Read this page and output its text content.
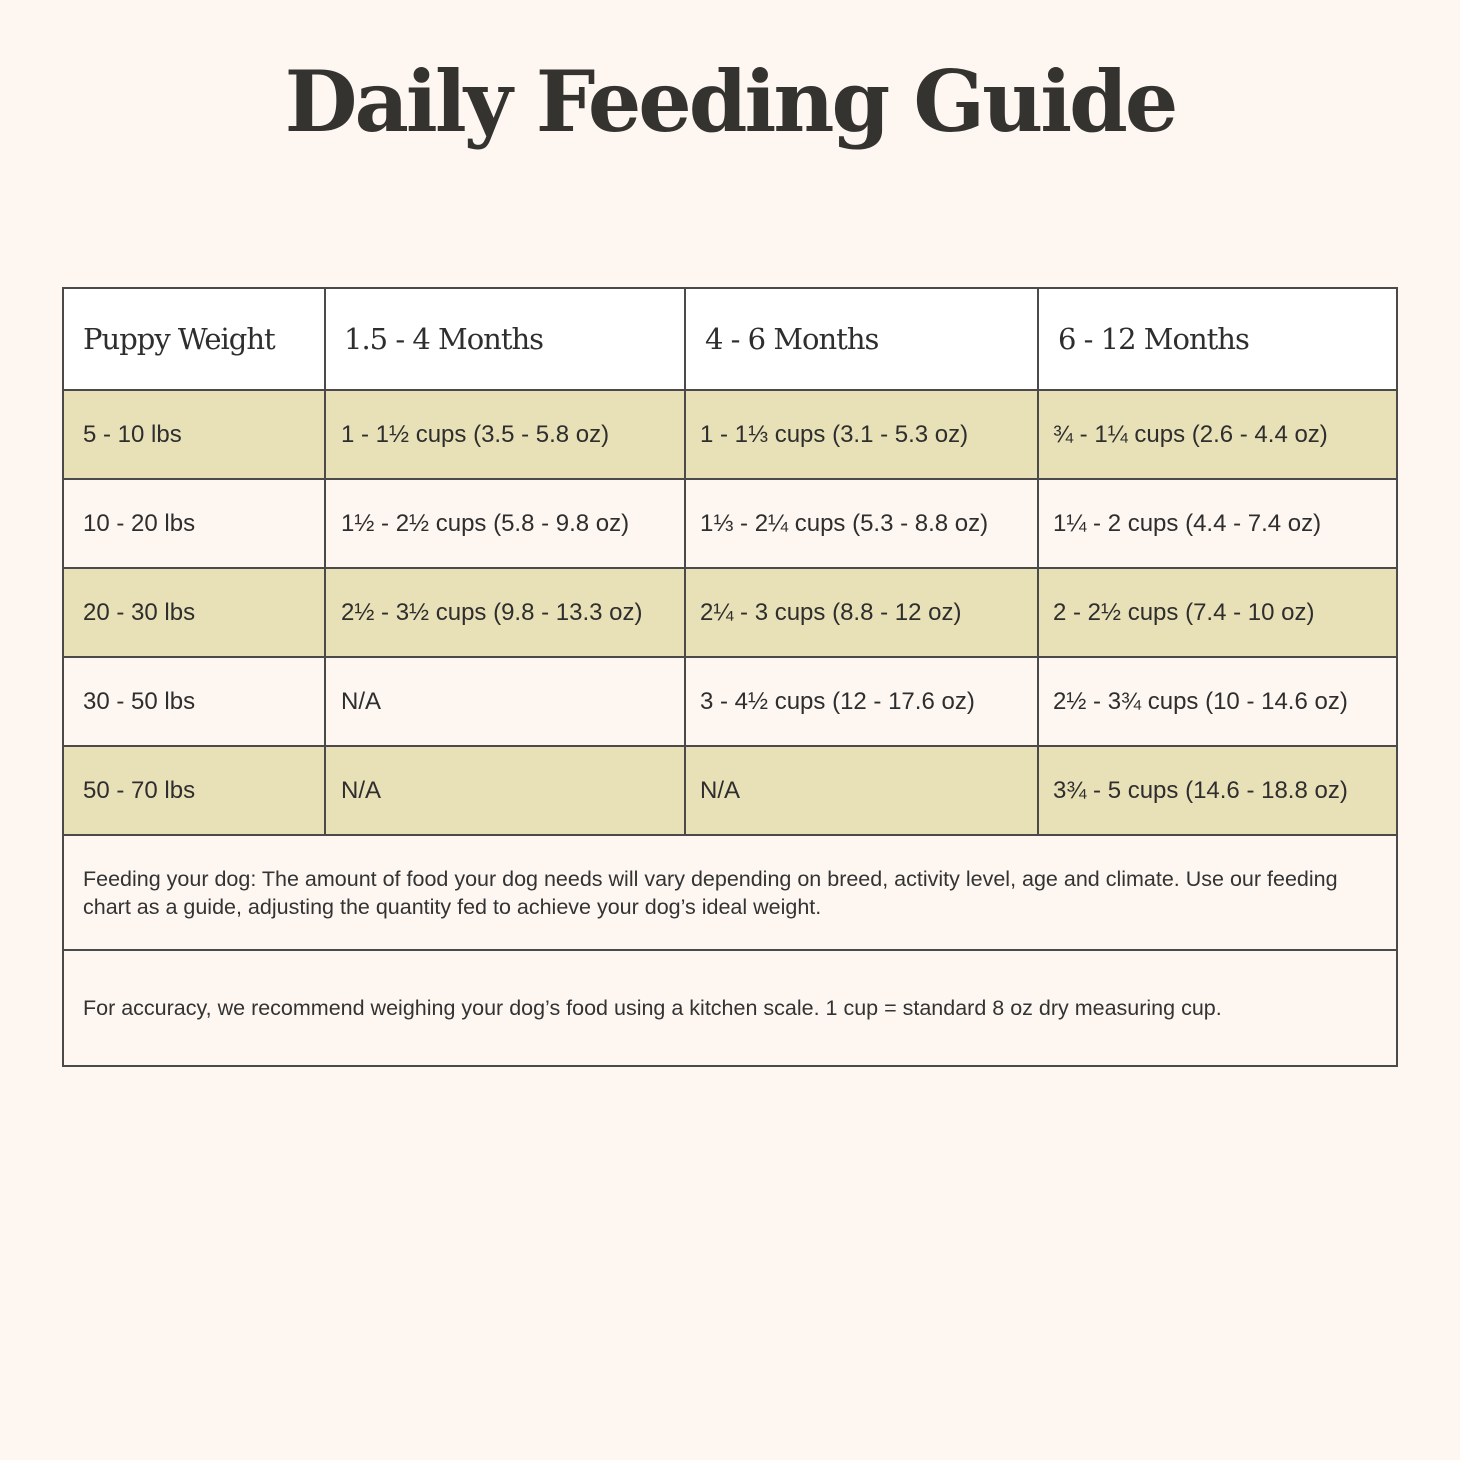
Daily Feeding Guide
Puppy Weight	1.5 - 4 Months	4 - 6 Months	6 - 12 Months
5 - 10 lbs	1 - 1½ cups (3.5 - 5.8 oz)	1 - 1⅓ cups (3.1 - 5.3 oz)	¾ - 1¼ cups (2.6 - 4.4 oz)
10 - 20 lbs	1½ - 2½ cups (5.8 - 9.8 oz)	1⅓ - 2¼ cups (5.3 - 8.8 oz)	1¼ - 2 cups (4.4 - 7.4 oz)
20 - 30 lbs	2½ - 3½ cups (9.8 - 13.3 oz)	2¼ - 3 cups (8.8 - 12 oz)	2 - 2½ cups (7.4 - 10 oz)
30 - 50 lbs	N/A	3 - 4½ cups (12 - 17.6 oz)	2½ - 3¾ cups (10 - 14.6 oz)
50 - 70 lbs	N/A	N/A	3¾ - 5 cups (14.6 - 18.8 oz)
Feeding your dog: The amount of food your dog needs will vary depending on breed, activity level, age and climate. Use our feeding chart as a guide, adjusting the quantity fed to achieve your dog’s ideal weight.			
For accuracy, we recommend weighing your dog’s food using a kitchen scale. 1 cup = standard 8 oz dry measuring cup.			
